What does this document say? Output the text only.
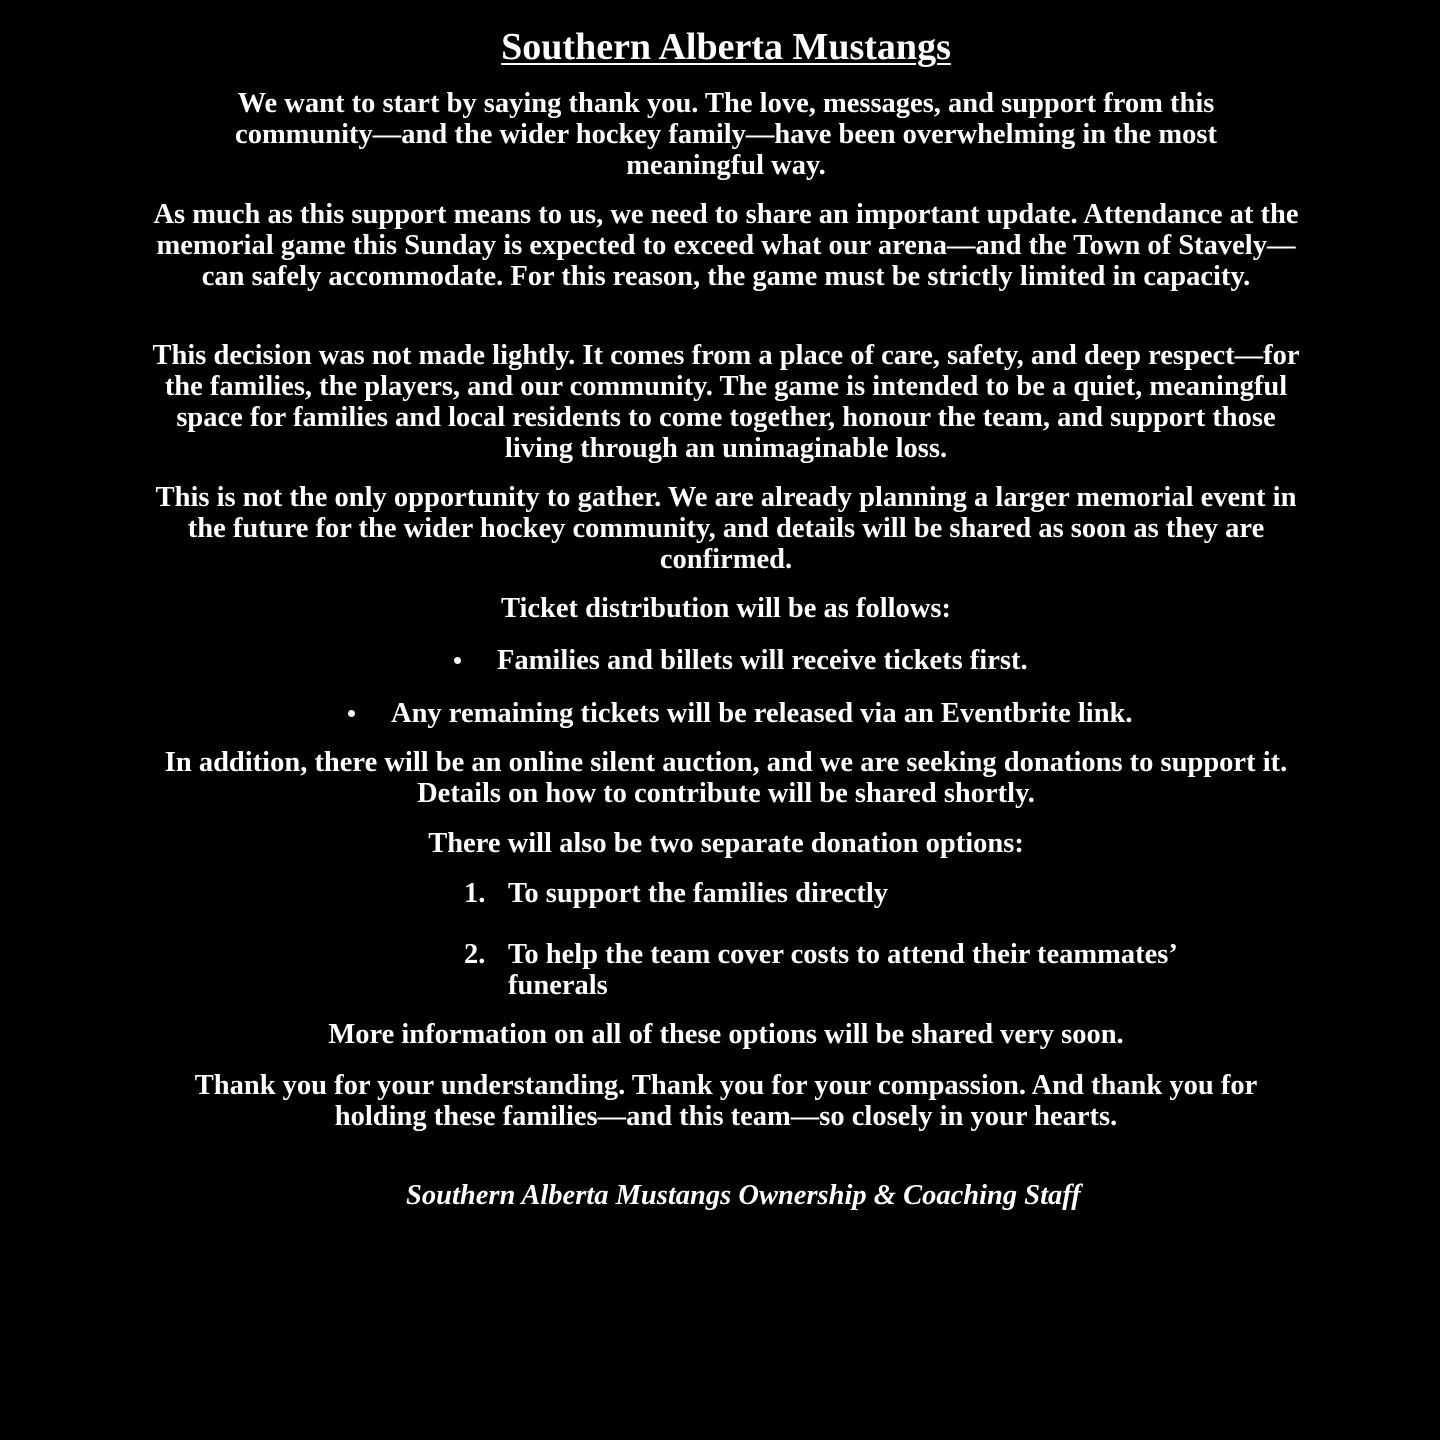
Southern Alberta Mustangs

We want to start by saying thank you. The love, messages, and support from this community—and the wider hockey family—have been overwhelming in the most meaningful way.

As much as this support means to us, we need to share an important update. Attendance at the memorial game this Sunday is expected to exceed what our arena—and the Town of Stavely—can safely accommodate. For this reason, the game must be strictly limited in capacity.

This decision was not made lightly. It comes from a place of care, safety, and deep respect—for the families, the players, and our community. The game is intended to be a quiet, meaningful space for families and local residents to come together, honour the team, and support those living through an unimaginable loss.

This is not the only opportunity to gather. We are already planning a larger memorial event in the future for the wider hockey community, and details will be shared as soon as they are confirmed.

Ticket distribution will be as follows:

Families and billets will receive tickets first.
Any remaining tickets will be released via an Eventbrite link.

In addition, there will be an online silent auction, and we are seeking donations to support it. Details on how to contribute will be shared shortly.

There will also be two separate donation options:

1. To support the families directly
2. To help the team cover costs to attend their teammates’ funerals

More information on all of these options will be shared very soon.

Thank you for your understanding. Thank you for your compassion. And thank you for holding these families—and this team—so closely in your hearts.

Southern Alberta Mustangs Ownership & Coaching Staff
